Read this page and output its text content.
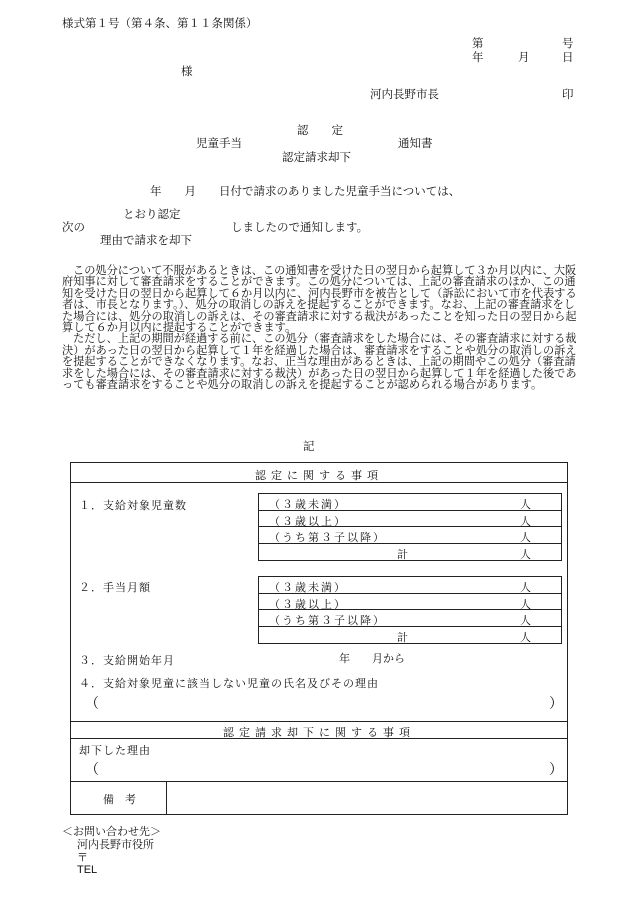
様式第１号（第４条、第１１条関係）
第	号
年	月	日
様
河内長野市長	印
認　　定
児童手当	通知書
認定請求却下
年　　月　　日付で請求のありました児童手当については、
とおり認定
次の	しましたので通知します。
理由で請求を却下

この処分について不服があるときは、この通知書を受けた日の翌日から起算して３か月以内に、大阪府知事に対して審査請求をすることができます。この処分については、上記の審査請求のほか、この通知を受けた日の翌日から起算して６か月以内に、河内長野市を被告として（訴訟において市を代表する者は、市長となります。）、処分の取消しの訴えを提起することができます。なお、上記の審査請求をした場合には、処分の取消しの訴えは、その審査請求に対する裁決があったことを知った日の翌日から起算して６か月以内に提起することができます。

ただし、上記の期間が経過する前に、この処分（審査請求をした場合には、その審査請求に対する裁決）があった日の翌日から起算して１年を経過した場合は、審査請求をすることや処分の取消しの訴えを提起することができなくなります。なお、正当な理由があるときは、上記の期間やこの処分（審査請求をした場合には、その審査請求に対する裁決）があった日の翌日から起算して１年を経過した後であっても審査請求をすることや処分の取消しの訴えを提起することが認められる場合があります。

記
認定に関する事項
１．支給対象児童数	（３歳未満）	人
（３歳以上）	人
（うち第３子以降）	人
計	人
２．手当月額	（３歳未満）	人
（３歳以上）	人
（うち第３子以降）	人
計	人
３．支給開始年月	年　　月から
４．支給対象児童に該当しない児童の氏名及びその理由
（	）
認定請求却下に関する事項
却下した理由
（	）
備　考
＜お問い合わせ先＞
河内長野市役所
〒
TEL
